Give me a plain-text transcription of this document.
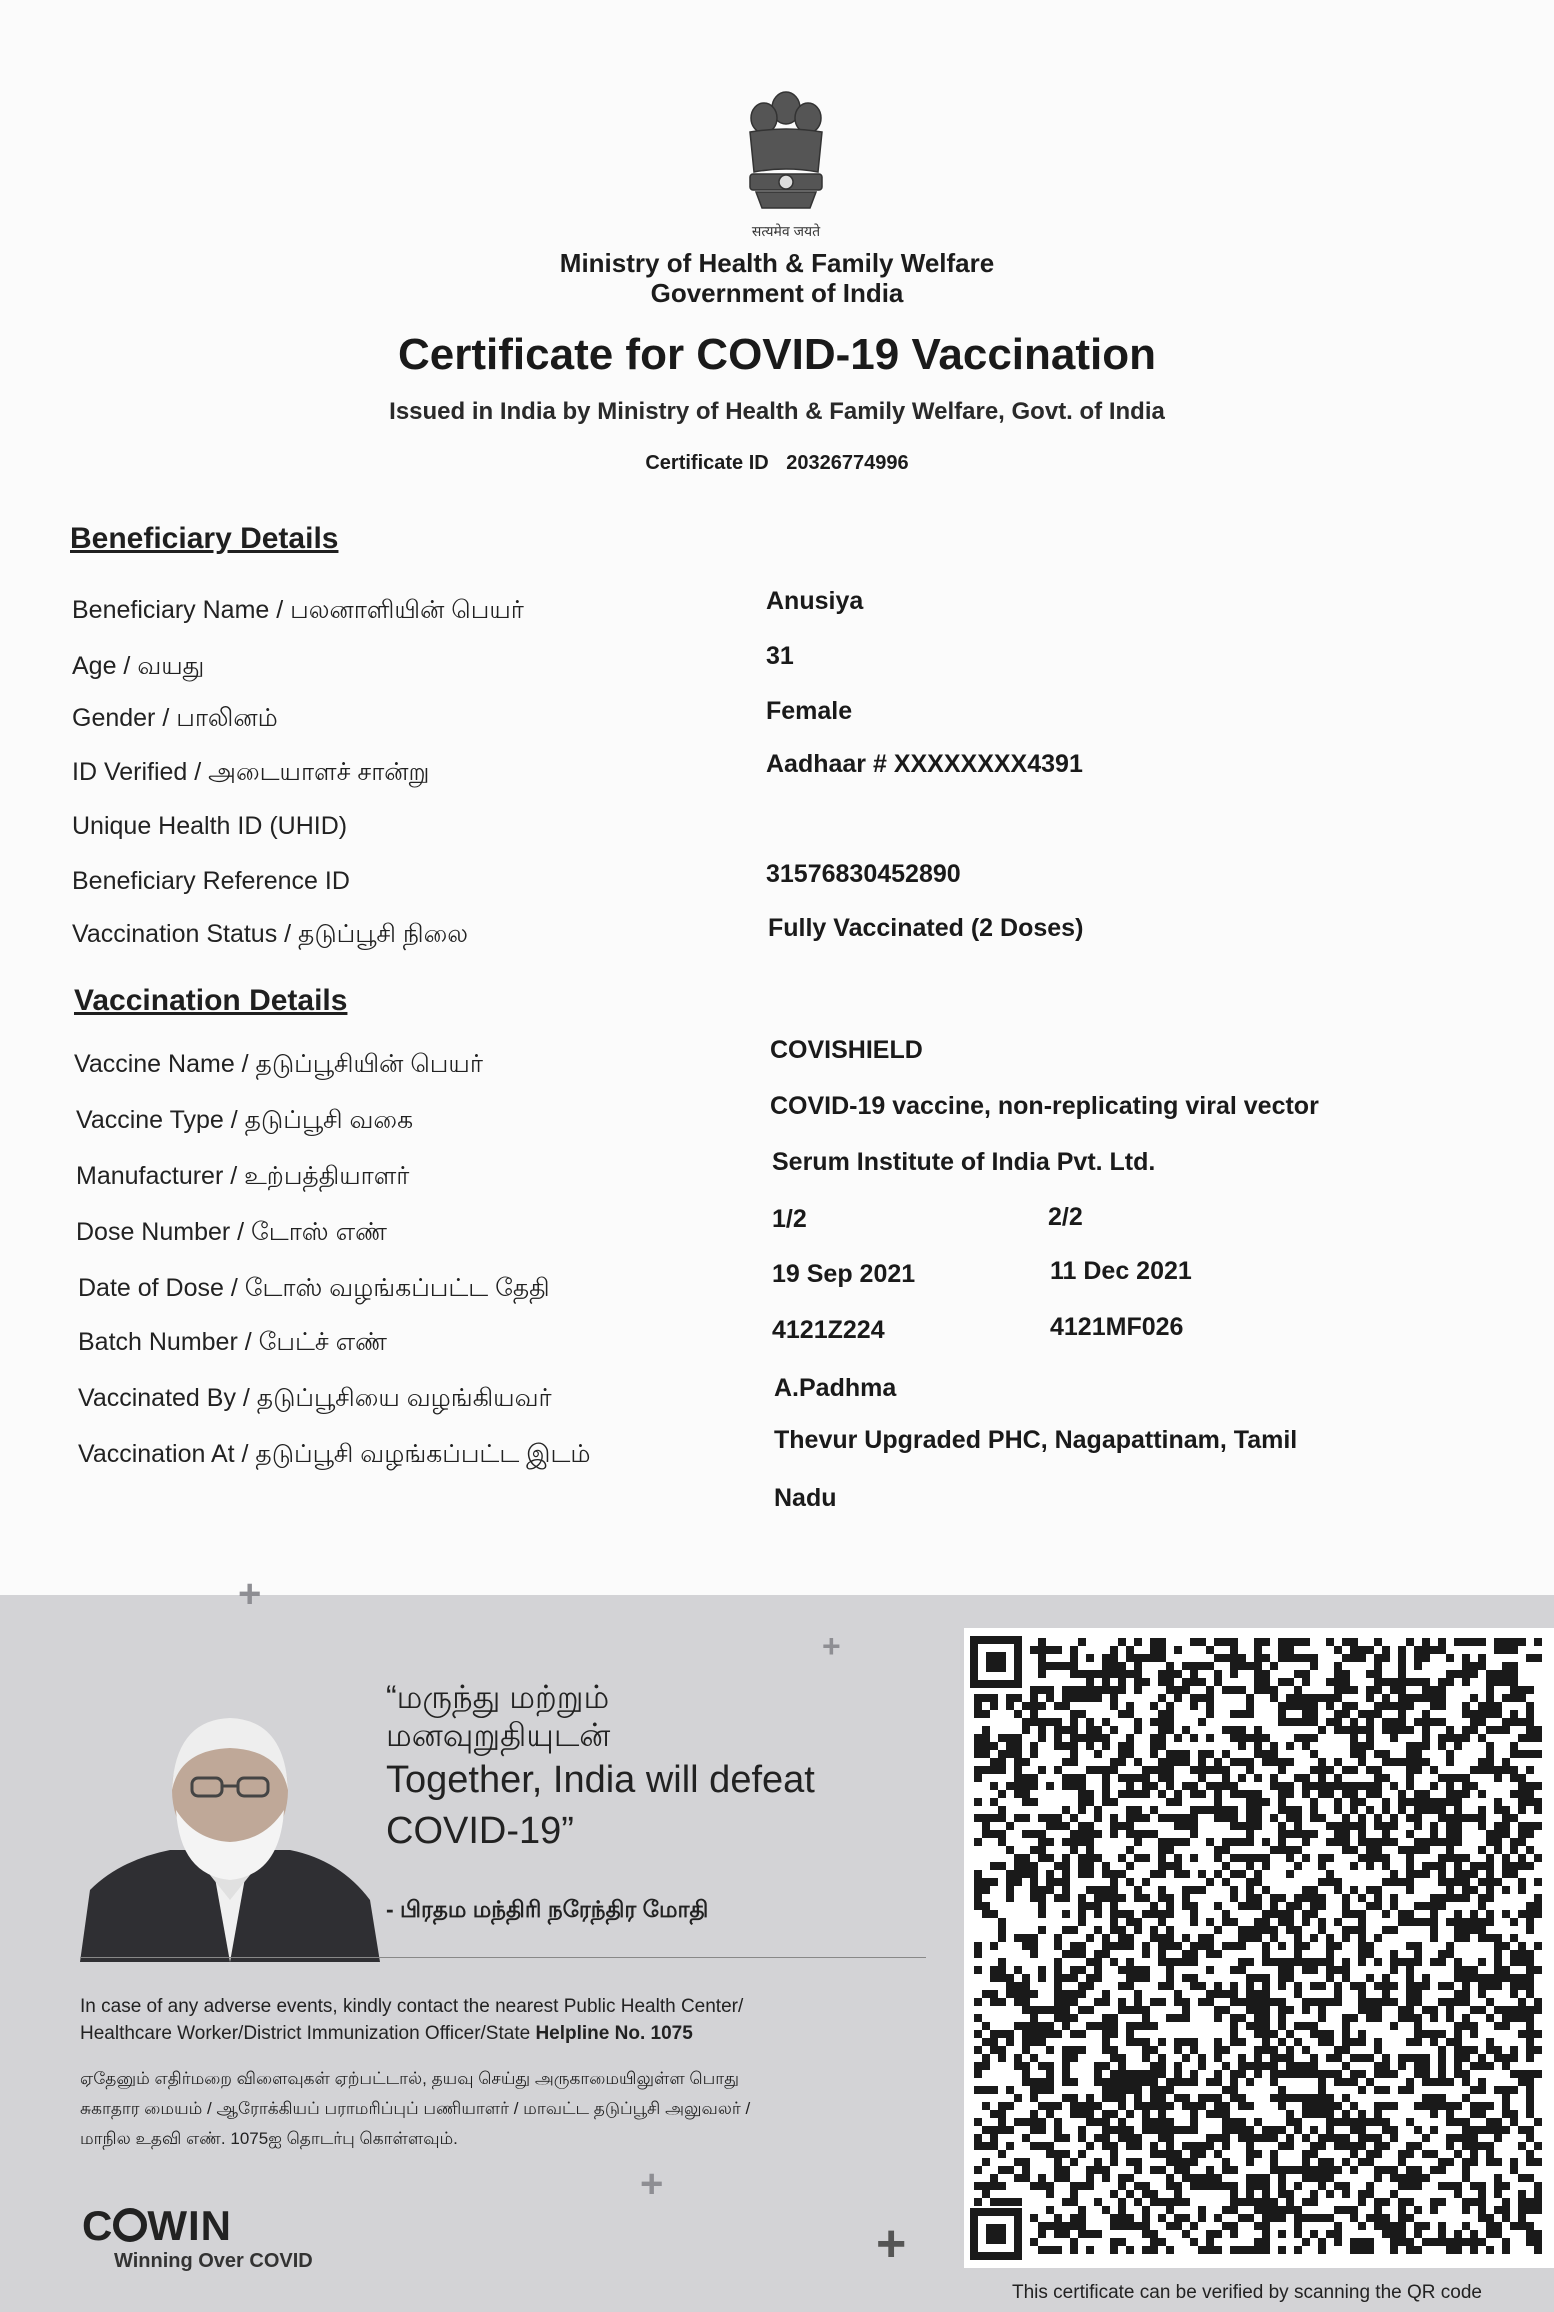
सत्यमेव जयते
Ministry of Health & Family Welfare
Government of India
Certificate for COVID-19 Vaccination
Issued in India by Ministry of Health & Family Welfare, Govt. of India
Certificate ID 20326774996
Beneficiary Details
Beneficiary Name / பலனாளியின் பெயர்	Anusiya
Age / வயது	31
Gender / பாலினம்	Female
ID Verified / அடையாளச் சான்று	Aadhaar # XXXXXXXX4391
Unique Health ID (UHID)
Beneficiary Reference ID	31576830452890
Vaccination Status / தடுப்பூசி நிலை	Fully Vaccinated (2 Doses)
Vaccination Details
Vaccine Name / தடுப்பூசியின் பெயர்	COVISHIELD
Vaccine Type / தடுப்பூசி வகை	COVID-19 vaccine, non-replicating viral vector
Manufacturer / உற்பத்தியாளர்	Serum Institute of India Pvt. Ltd.
Dose Number / டோஸ் எண்	1/2	2/2
Date of Dose / டோஸ் வழங்கப்பட்ட தேதி	19 Sep 2021	11 Dec 2021
Batch Number / பேட்ச் எண்	4121Z224	4121MF026
Vaccinated By / தடுப்பூசியை வழங்கியவர்	A.Padhma
Vaccination At / தடுப்பூசி வழங்கப்பட்ட இடம்	Thevur Upgraded PHC, Nagapattinam, Tamil
Nadu
+
+
+
+
“மருந்து மற்றும்
மனவுறுதியுடன்
Together, India will defeat
COVID-19”
- பிரதம மந்திரி நரேந்திர மோதி
In case of any adverse events, kindly contact the nearest Public Health Center/
Healthcare Worker/District Immunization Officer/State Helpline No. 1075
ஏதேனும் எதிர்மறை விளைவுகள் ஏற்பட்டால், தயவு செய்து அருகாமையிலுள்ள பொது
சுகாதார மையம் / ஆரோக்கியப் பராமரிப்புப் பணியாளர் / மாவட்ட தடுப்பூசி அலுவலர் /
மாநில உதவி எண். 1075ஐ தொடர்பு கொள்ளவும்.
C WIN
Winning Over COVID
This certificate can be verified by scanning the QR code
